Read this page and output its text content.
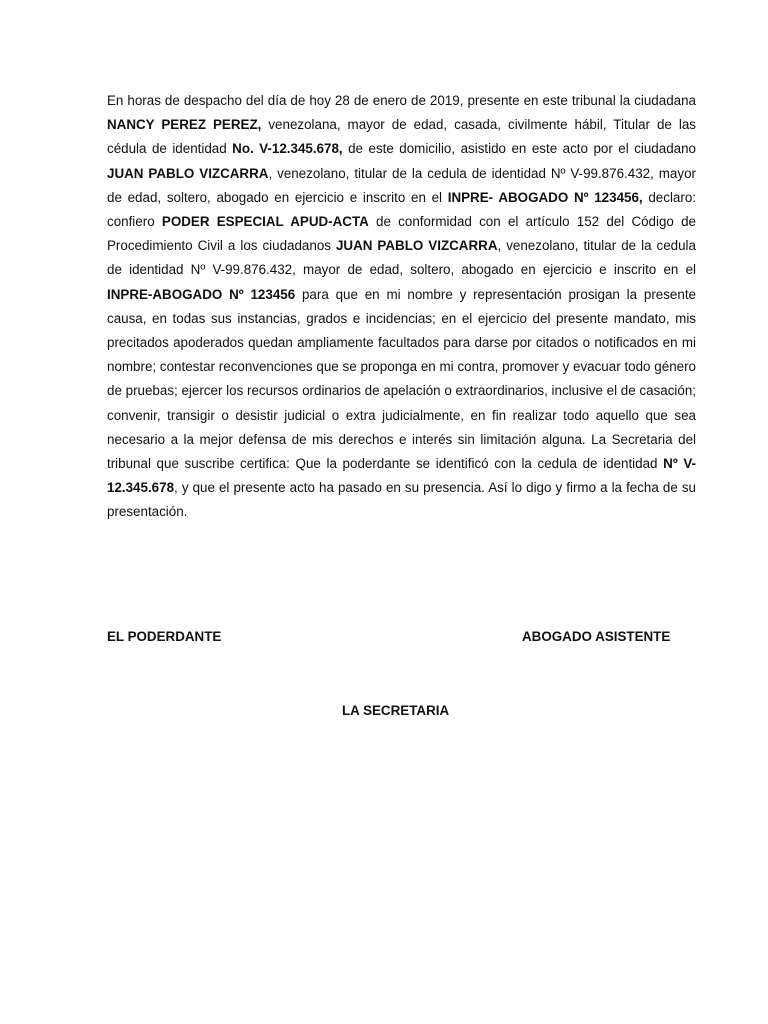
En horas de despacho del día de hoy 28 de enero de 2019, presente en este tribunal la ciudadana NANCY PEREZ PEREZ, venezolana, mayor de edad, casada, civilmente hábil, Titular de las cédula de identidad No. V-12.345.678, de este domicilio, asistido en este acto por el ciudadano JUAN PABLO VIZCARRA, venezolano, titular de la cedula de identidad Nº V-99.876.432, mayor de edad, soltero, abogado en ejercicio e inscrito en el INPRE- ABOGADO Nº 123456, declaro: confiero PODER ESPECIAL APUD-ACTA de conformidad con el artículo 152 del Código de Procedimiento Civil a los ciudadanos JUAN PABLO VIZCARRA, venezolano, titular de la cedula de identidad Nº V-99.876.432, mayor de edad, soltero, abogado en ejercicio e inscrito en el INPRE-ABOGADO Nº 123456 para que en mi nombre y representación prosigan la presente causa, en todas sus instancias, grados e incidencias; en el ejercicio del presente mandato, mis precitados apoderados quedan ampliamente facultados para darse por citados o notificados en mi nombre; contestar reconvenciones que se proponga en mi contra, promover y evacuar todo género de pruebas; ejercer los recursos ordinarios de apelación o extraordinarios, inclusive el de casación; convenir, transigir o desistir judicial o extra judicialmente, en fin realizar todo aquello que sea necesario a la mejor defensa de mis derechos e interés sin limitación alguna. La Secretaria del tribunal que suscribe certifica: Que la poderdante se identificó con la cedula de identidad Nº V-12.345.678, y que el presente acto ha pasado en su presencia. Así lo digo y firmo a la fecha de su presentación.

EL PODERDANTE	ABOGADO ASISTENTE

LA SECRETARIA
